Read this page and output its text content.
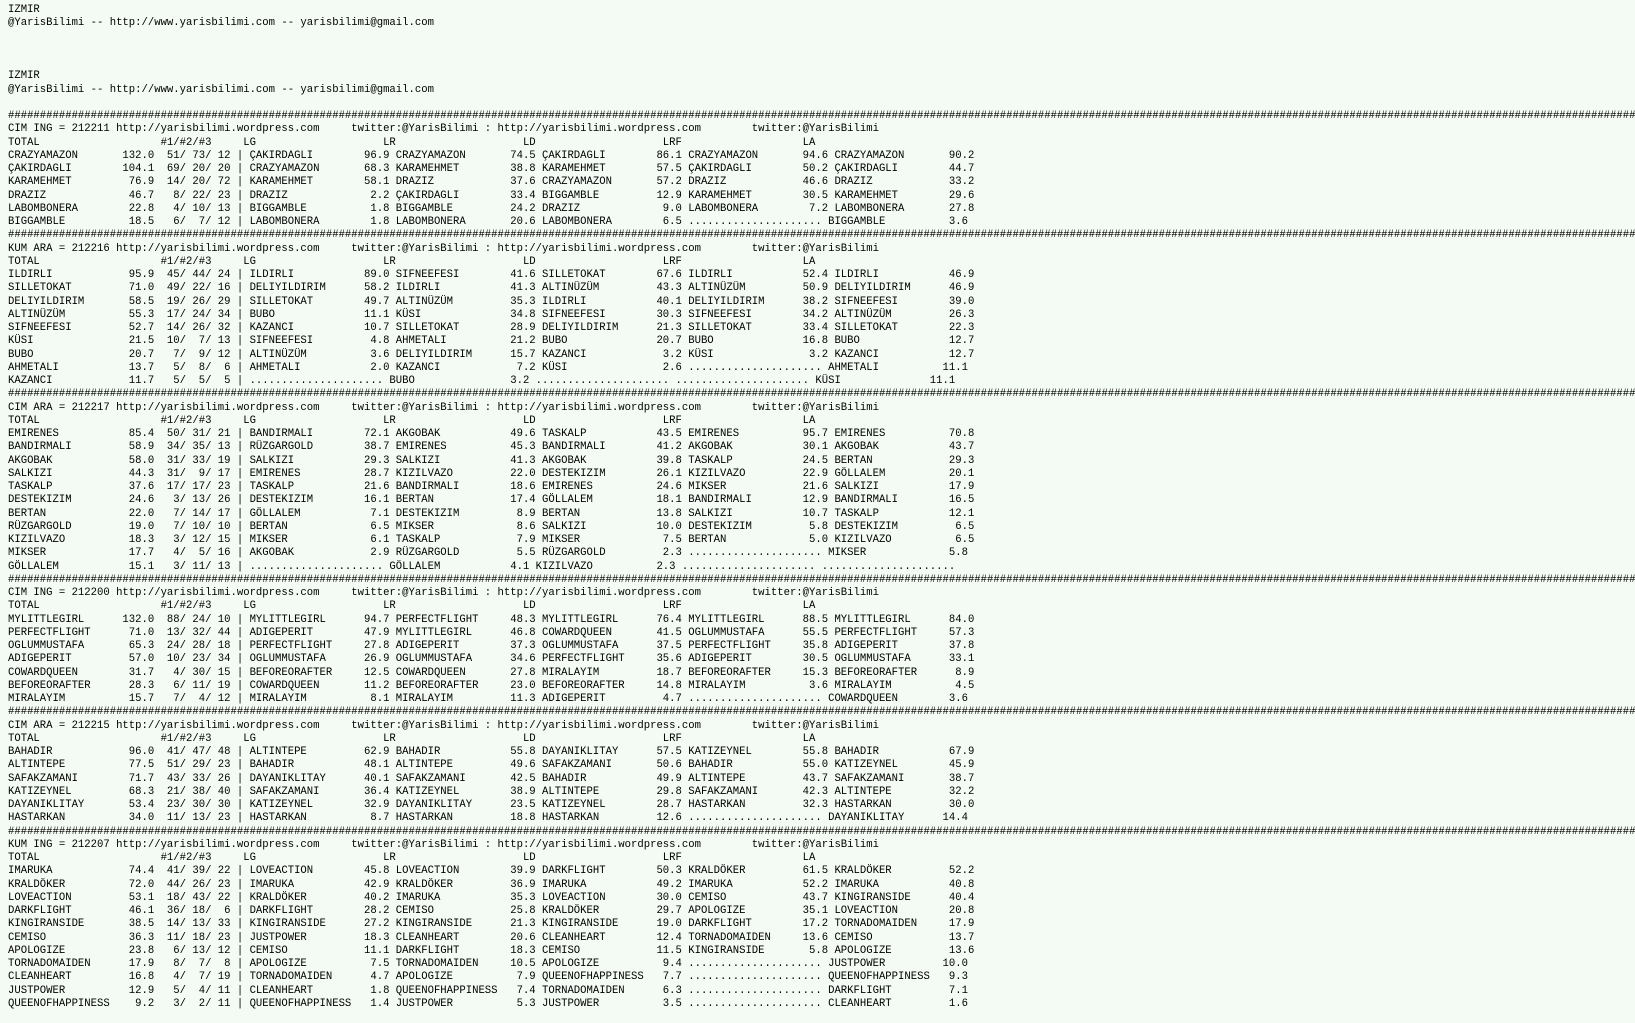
IZMIR
@YarisBilimi -- http://www.yarisbilimi.com -- yarisbilimi@gmail.com
IZMIR
@YarisBilimi -- http://www.yarisbilimi.com -- yarisbilimi@gmail.com
################################################################################################################################################################################################################################################################
CIM ING = 212211 http://yarisbilimi.wordpress.com     twitter:@YarisBilimi : http://yarisbilimi.wordpress.com        twitter:@YarisBilimi
TOTAL                   #1/#2/#3     LG                    LR                    LD                    LRF                   LA
CRAZYAMAZON       132.0  51/ 73/ 12 | ÇAKIRDAGLI        96.9 CRAZYAMAZON       74.5 ÇAKIRDAGLI        86.1 CRAZYAMAZON       94.6 CRAZYAMAZON       90.2
ÇAKIRDAGLI        104.1  69/ 20/ 20 | CRAZYAMAZON       68.3 KARAMEHMET        38.8 KARAMEHMET        57.5 ÇAKIRDAGLI        50.2 ÇAKIRDAGLI        44.7
KARAMEHMET         76.9  14/ 20/ 72 | KARAMEHMET        58.1 DRAZIZ            37.6 CRAZYAMAZON       57.2 DRAZIZ            46.6 DRAZIZ            33.2
DRAZIZ             46.7   8/ 22/ 23 | DRAZIZ             2.2 ÇAKIRDAGLI        33.4 BIGGAMBLE         12.9 KARAMEHMET        30.5 KARAMEHMET        29.6
LABOMBONERA        22.8   4/ 10/ 13 | BIGGAMBLE          1.8 BIGGAMBLE         24.2 DRAZIZ             9.0 LABOMBONERA        7.2 LABOMBONERA       27.8
BIGGAMBLE          18.5   6/  7/ 12 | LABOMBONERA        1.8 LABOMBONERA       20.6 LABOMBONERA        6.5 ..................... BIGGAMBLE          3.6
################################################################################################################################################################################################################################################################
KUM ARA = 212216 http://yarisbilimi.wordpress.com     twitter:@YarisBilimi : http://yarisbilimi.wordpress.com        twitter:@YarisBilimi
TOTAL                   #1/#2/#3     LG                    LR                    LD                    LRF                   LA
ILDIRLI            95.9  45/ 44/ 24 | ILDIRLI           89.0 SIFNEEFESI        41.6 SILLETOKAT        67.6 ILDIRLI           52.4 ILDIRLI           46.9
SILLETOKAT         71.0  49/ 22/ 16 | DELIYILDIRIM      58.2 ILDIRLI           41.3 ALTINÜZÜM         43.3 ALTINÜZÜM         50.9 DELIYILDIRIM      46.9
DELIYILDIRIM       58.5  19/ 26/ 29 | SILLETOKAT        49.7 ALTINÜZÜM         35.3 ILDIRLI           40.1 DELIYILDIRIM      38.2 SIFNEEFESI        39.0
ALTINÜZÜM          55.3  17/ 24/ 34 | BUBO              11.1 KÜSI              34.8 SIFNEEFESI        30.3 SIFNEEFESI        34.2 ALTINÜZÜM         26.3
SIFNEEFESI         52.7  14/ 26/ 32 | KAZANCI           10.7 SILLETOKAT        28.9 DELIYILDIRIM      21.3 SILLETOKAT        33.4 SILLETOKAT        22.3
KÜSI               21.5  10/  7/ 13 | SIFNEEFESI         4.8 AHMETALI          21.2 BUBO              20.7 BUBO              16.8 BUBO              12.7
BUBO               20.7   7/  9/ 12 | ALTINÜZÜM          3.6 DELIYILDIRIM      15.7 KAZANCI            3.2 KÜSI               3.2 KAZANCI           12.7
AHMETALI           13.7   5/  8/  6 | AHMETALI           2.0 KAZANCI            7.2 KÜSI               2.6 ..................... AHMETALI          11.1
KAZANCI            11.7   5/  5/  5 | ..................... BUBO               3.2 ..................... ..................... KÜSI              11.1
################################################################################################################################################################################################################################################################
CIM ARA = 212217 http://yarisbilimi.wordpress.com     twitter:@YarisBilimi : http://yarisbilimi.wordpress.com        twitter:@YarisBilimi
TOTAL                   #1/#2/#3     LG                    LR                    LD                    LRF                   LA
EMIRENES           85.4  50/ 31/ 21 | BANDIRMALI        72.1 AKGOBAK           49.6 TASKALP           43.5 EMIRENES          95.7 EMIRENES          70.8
BANDIRMALI         58.9  34/ 35/ 13 | RÜZGARGOLD        38.7 EMIRENES          45.3 BANDIRMALI        41.2 AKGOBAK           30.1 AKGOBAK           43.7
AKGOBAK            58.0  31/ 33/ 19 | SALKIZI           29.3 SALKIZI           41.3 AKGOBAK           39.8 TASKALP           24.5 BERTAN            29.3
SALKIZI            44.3  31/  9/ 17 | EMIRENES          28.7 KIZILVAZO         22.0 DESTEKIZIM        26.1 KIZILVAZO         22.9 GÖLLALEM          20.1
TASKALP            37.6  17/ 17/ 23 | TASKALP           21.6 BANDIRMALI        18.6 EMIRENES          24.6 MIKSER            21.6 SALKIZI           17.9
DESTEKIZIM         24.6   3/ 13/ 26 | DESTEKIZIM        16.1 BERTAN            17.4 GÖLLALEM          18.1 BANDIRMALI        12.9 BANDIRMALI        16.5
BERTAN             22.0   7/ 14/ 17 | GÖLLALEM           7.1 DESTEKIZIM         8.9 BERTAN            13.8 SALKIZI           10.7 TASKALP           12.1
RÜZGARGOLD         19.0   7/ 10/ 10 | BERTAN             6.5 MIKSER             8.6 SALKIZI           10.0 DESTEKIZIM         5.8 DESTEKIZIM         6.5
KIZILVAZO          18.3   3/ 12/ 15 | MIKSER             6.1 TASKALP            7.9 MIKSER             7.5 BERTAN             5.0 KIZILVAZO          6.5
MIKSER             17.7   4/  5/ 16 | AKGOBAK            2.9 RÜZGARGOLD         5.5 RÜZGARGOLD         2.3 ..................... MIKSER             5.8
GÖLLALEM           15.1   3/ 11/ 13 | ..................... GÖLLALEM           4.1 KIZILVAZO          2.3 ..................... .....................
################################################################################################################################################################################################################################################################
CIM ING = 212200 http://yarisbilimi.wordpress.com     twitter:@YarisBilimi : http://yarisbilimi.wordpress.com        twitter:@YarisBilimi
TOTAL                   #1/#2/#3     LG                    LR                    LD                    LRF                   LA
MYLITTLEGIRL      132.0  88/ 24/ 10 | MYLITTLEGIRL      94.7 PERFECTFLIGHT     48.3 MYLITTLEGIRL      76.4 MYLITTLEGIRL      88.5 MYLITTLEGIRL      84.0
PERFECTFLIGHT      71.0  13/ 32/ 44 | ADIGEPERIT        47.9 MYLITTLEGIRL      46.8 COWARDQUEEN       41.5 OGLUMMUSTAFA      55.5 PERFECTFLIGHT     57.3
OGLUMMUSTAFA       65.3  24/ 28/ 18 | PERFECTFLIGHT     27.8 ADIGEPERIT        37.3 OGLUMMUSTAFA      37.5 PERFECTFLIGHT     35.8 ADIGEPERIT        37.8
ADIGEPERIT         57.0  10/ 23/ 34 | OGLUMMUSTAFA      26.9 OGLUMMUSTAFA      34.6 PERFECTFLIGHT     35.6 ADIGEPERIT        30.5 OGLUMMUSTAFA      33.1
COWARDQUEEN        31.7   4/ 30/ 15 | BEFOREORAFTER     12.5 COWARDQUEEN       27.8 MIRALAYIM         18.7 BEFOREORAFTER     15.3 BEFOREORAFTER      8.9
BEFOREORAFTER      28.3   6/ 11/ 19 | COWARDQUEEN       11.2 BEFOREORAFTER     23.0 BEFOREORAFTER     14.8 MIRALAYIM          3.6 MIRALAYIM          4.5
MIRALAYIM          15.7   7/  4/ 12 | MIRALAYIM          8.1 MIRALAYIM         11.3 ADIGEPERIT         4.7 ..................... COWARDQUEEN        3.6
################################################################################################################################################################################################################################################################
CIM ARA = 212215 http://yarisbilimi.wordpress.com     twitter:@YarisBilimi : http://yarisbilimi.wordpress.com        twitter:@YarisBilimi
TOTAL                   #1/#2/#3     LG                    LR                    LD                    LRF                   LA
BAHADIR            96.0  41/ 47/ 48 | ALTINTEPE         62.9 BAHADIR           55.8 DAYANIKLITAY      57.5 KATIZEYNEL        55.8 BAHADIR           67.9
ALTINTEPE          77.5  51/ 29/ 23 | BAHADIR           48.1 ALTINTEPE         49.6 SAFAKZAMANI       50.6 BAHADIR           55.0 KATIZEYNEL        45.9
SAFAKZAMANI        71.7  43/ 33/ 26 | DAYANIKLITAY      40.1 SAFAKZAMANI       42.5 BAHADIR           49.9 ALTINTEPE         43.7 SAFAKZAMANI       38.7
KATIZEYNEL         68.3  21/ 38/ 40 | SAFAKZAMANI       36.4 KATIZEYNEL        38.9 ALTINTEPE         29.8 SAFAKZAMANI       42.3 ALTINTEPE         32.2
DAYANIKLITAY       53.4  23/ 30/ 30 | KATIZEYNEL        32.9 DAYANIKLITAY      23.5 KATIZEYNEL        28.7 HASTARKAN         32.3 HASTARKAN         30.0
HASTARKAN          34.0  11/ 13/ 23 | HASTARKAN          8.7 HASTARKAN         18.8 HASTARKAN         12.6 ..................... DAYANIKLITAY      14.4
################################################################################################################################################################################################################################################################
KUM ING = 212207 http://yarisbilimi.wordpress.com     twitter:@YarisBilimi : http://yarisbilimi.wordpress.com        twitter:@YarisBilimi
TOTAL                   #1/#2/#3     LG                    LR                    LD                    LRF                   LA
IMARUKA            74.4  41/ 39/ 22 | LOVEACTION        45.8 LOVEACTION        39.9 DARKFLIGHT        50.3 KRALDÖKER         61.5 KRALDÖKER         52.2
KRALDÖKER          72.0  44/ 26/ 23 | IMARUKA           42.9 KRALDÖKER         36.9 IMARUKA           49.2 IMARUKA           52.2 IMARUKA           40.8
LOVEACTION         53.1  18/ 43/ 22 | KRALDÖKER         40.2 IMARUKA           35.3 LOVEACTION        30.0 CEMISO            43.7 KINGIRANSIDE      40.4
DARKFLIGHT         46.1  36/ 18/  6 | DARKFLIGHT        28.2 CEMISO            25.8 KRALDÖKER         29.7 APOLOGIZE         35.1 LOVEACTION        20.8
KINGIRANSIDE       38.5  14/ 13/ 33 | KINGIRANSIDE      27.2 KINGIRANSIDE      21.3 KINGIRANSIDE      19.0 DARKFLIGHT        17.2 TORNADOMAIDEN     17.9
CEMISO             36.3  11/ 18/ 23 | JUSTPOWER         18.3 CLEANHEART        20.6 CLEANHEART        12.4 TORNADOMAIDEN     13.6 CEMISO            13.7
APOLOGIZE          23.8   6/ 13/ 12 | CEMISO            11.1 DARKFLIGHT        18.3 CEMISO            11.5 KINGIRANSIDE       5.8 APOLOGIZE         13.6
TORNADOMAIDEN      17.9   8/  7/  8 | APOLOGIZE          7.5 TORNADOMAIDEN     10.5 APOLOGIZE          9.4 ..................... JUSTPOWER         10.0
CLEANHEART         16.8   4/  7/ 19 | TORNADOMAIDEN      4.7 APOLOGIZE          7.9 QUEENOFHAPPINESS   7.7 ..................... QUEENOFHAPPINESS   9.3
JUSTPOWER          12.9   5/  4/ 11 | CLEANHEART         1.8 QUEENOFHAPPINESS   7.4 TORNADOMAIDEN      6.3 ..................... DARKFLIGHT         7.1
QUEENOFHAPPINESS    9.2   3/  2/ 11 | QUEENOFHAPPINESS   1.4 JUSTPOWER          5.3 JUSTPOWER          3.5 ..................... CLEANHEART         1.6
